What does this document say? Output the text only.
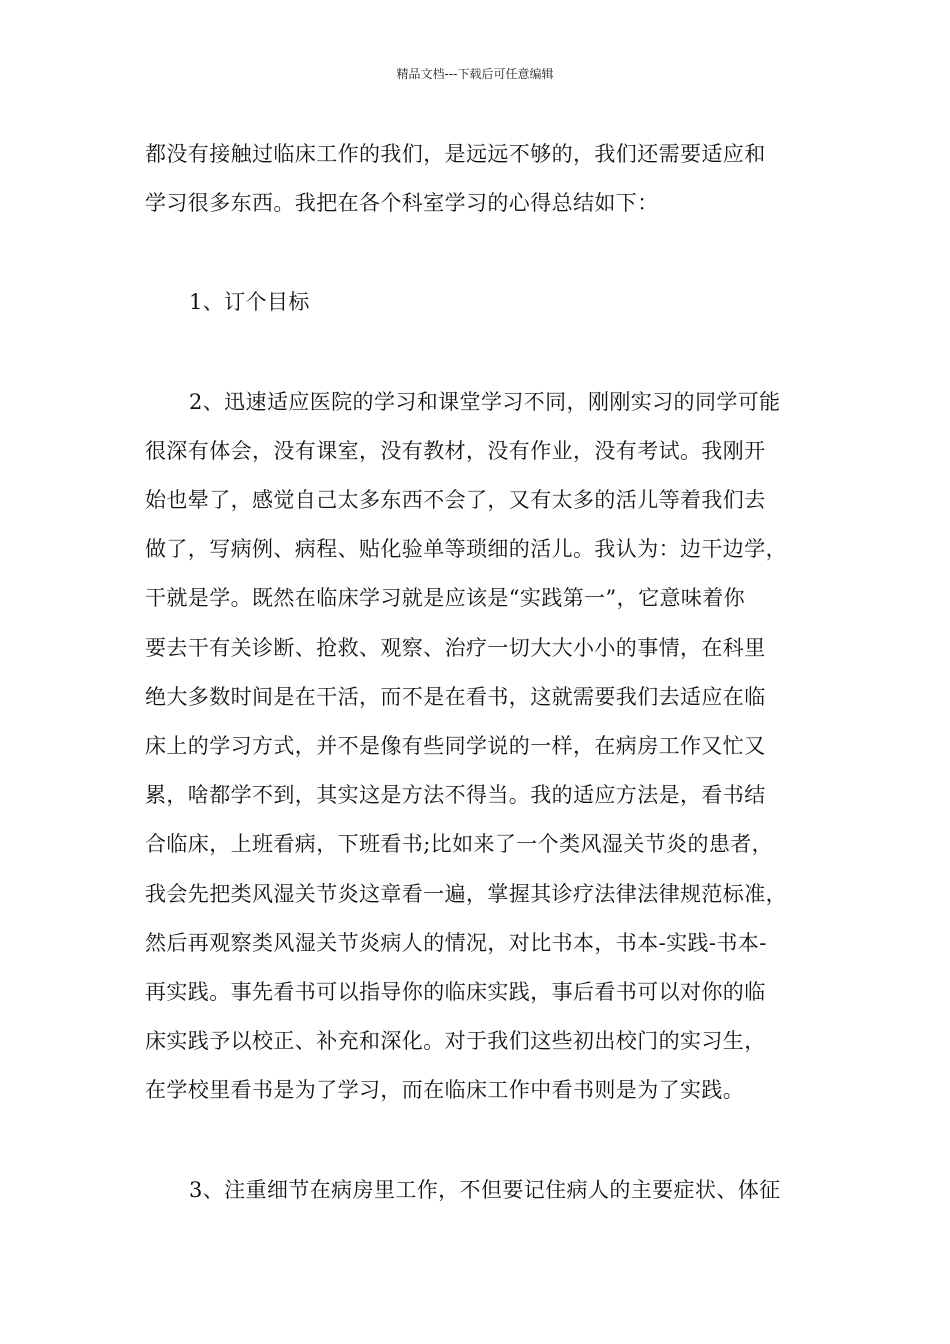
精品文档---下载后可任意编辑

都没有接触过临床工作的我们，是远远不够的，我们还需要适应和
学习很多东西。我把在各个科室学习的心得总结如下：

1、订个目标

2、迅速适应医院的学习和课堂学习不同，刚刚实习的同学可能
很深有体会，没有课室，没有教材，没有作业，没有考试。我刚开
始也晕了，感觉自己太多东西不会了，又有太多的活儿等着我们去
做了，写病例、病程、贴化验单等琐细的活儿。我认为：边干边学，
干就是学。既然在临床学习就是应该是“实践第一”，它意味着你
要去干有关诊断、抢救、观察、治疗一切大大小小的事情，在科里
绝大多数时间是在干活，而不是在看书，这就需要我们去适应在临
床上的学习方式，并不是像有些同学说的一样，在病房工作又忙又
累，啥都学不到，其实这是方法不得当。我的适应方法是，看书结
合临床，上班看病，下班看书;比如来了一个类风湿关节炎的患者，
我会先把类风湿关节炎这章看一遍，掌握其诊疗法律法律规范标准，
然后再观察类风湿关节炎病人的情况，对比书本，书本-实践-书本-
再实践。事先看书可以指导你的临床实践，事后看书可以对你的临
床实践予以校正、补充和深化。对于我们这些初出校门的实习生，
在学校里看书是为了学习，而在临床工作中看书则是为了实践。

3、注重细节在病房里工作，不但要记住病人的主要症状、体征
